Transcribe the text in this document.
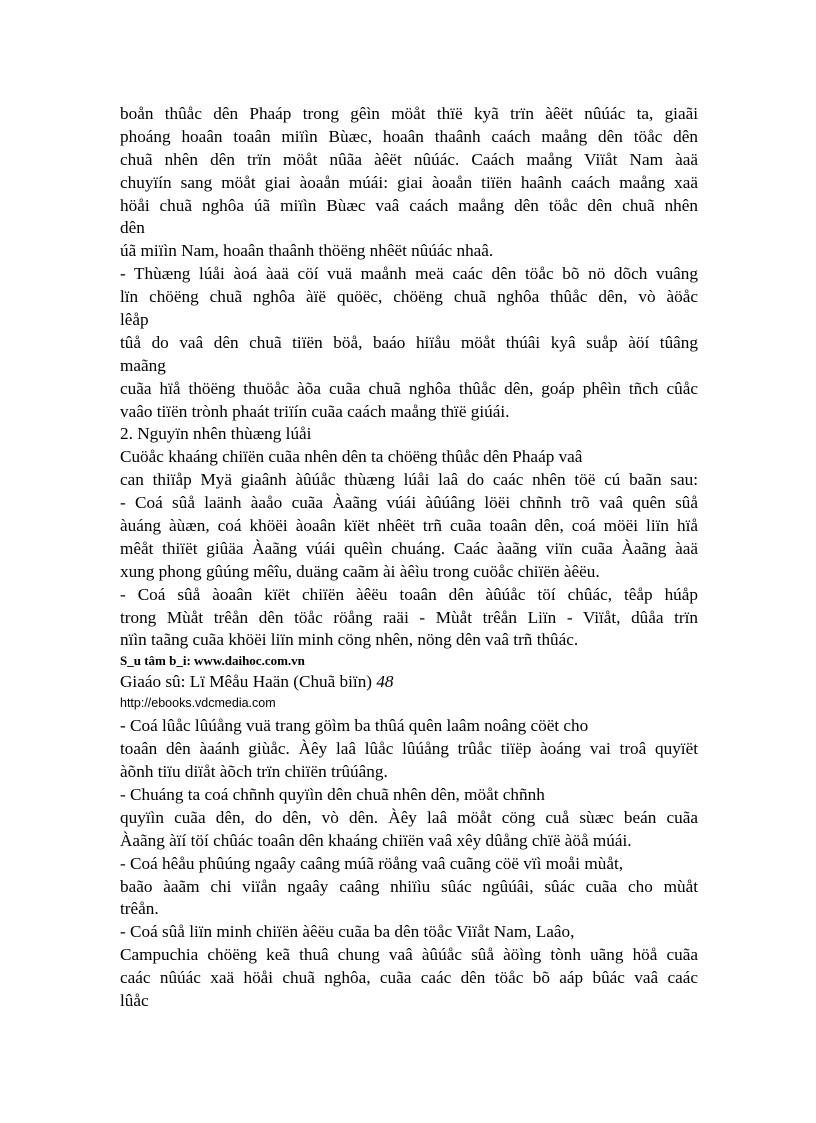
boån thûåc dên Phaáp trong gêìn möåt thïë kyã trïn àêët nûúác ta, giaãi
phoáng hoaân toaân miïìn Bùæc, hoaân thaânh caách maång dên töåc dên
chuã nhên dên trïn möåt nûãa àêët nûúác. Caách maång Viïåt Nam àaä
chuyïín sang möåt giai àoaån múái: giai àoaån tiïën haânh caách maång xaä
höåi chuã nghôa úã miïìn Bùæc vaâ caách maång dên töåc dên chuã nhên
dên
úã miïìn Nam, hoaân thaânh thöëng nhêët nûúác nhaâ.
- Thùæng lúåi àoá àaä cöí vuä maånh meä caác dên töåc bõ nö dõch vuâng
lïn chöëng chuã nghôa àïë quöëc, chöëng chuã nghôa thûåc dên, vò àöåc
lêåp
tûå do vaâ dên chuã tiïën böå, baáo hiïåu möåt thúâi kyâ suåp àöí tûâng
maãng
cuãa hïå thöëng thuöåc àõa cuãa chuã nghôa thûåc dên, goáp phêìn tñch cûåc
vaâo tiïën trònh phaát triïín cuãa caách maång thïë giúái.
2. Nguyïn nhên thùæng lúåi
Cuöåc khaáng chiïën cuãa nhên dên ta chöëng thûåc dên Phaáp vaâ
can thiïåp Myä giaânh àûúåc thùæng lúåi laâ do caác nhên töë cú baãn sau:
- Coá sûå laänh àaåo cuãa Àaãng vúái àûúâng löëi chñnh trõ vaâ quên sûå
àuáng àùæn, coá khöëi àoaân kïët nhêët trñ cuãa toaân dên, coá möëi liïn hïå
mêåt thiïët giûäa Àaãng vúái quêìn chuáng. Caác àaãng viïn cuãa Àaãng àaä
xung phong gûúng mêîu, duäng caãm ài àêìu trong cuöåc chiïën àêëu.
- Coá sûå àoaân kïët chiïën àêëu toaân dên àûúåc töí chûác, têåp húåp
trong Mùåt trêån dên töåc röång raäi - Mùåt trêån Liïn - Viïåt, dûåa trïn
nïìn taãng cuãa khöëi liïn minh cöng nhên, nöng dên vaâ trñ thûác.
S_u tâm b_i: www.daihoc.com.vn
Giaáo sû: Lï Mêåu Haän (Chuã biïn) 48
http://ebooks.vdcmedia.com
- Coá lûåc lûúång vuä trang göìm ba thûá quên laâm noâng cöët cho
toaân dên àaánh giùåc. Àêy laâ lûåc lûúång trûåc tiïëp àoáng vai troâ quyïët
àõnh tiïu diïåt àõch trïn chiïën trûúâng.
- Chuáng ta coá chñnh quyïìn dên chuã nhên dên, möåt chñnh
quyïìn cuãa dên, do dên, vò dên. Àêy laâ möåt cöng cuå sùæc beán cuãa
Àaãng àïí töí chûác toaân dên khaáng chiïën vaâ xêy dûång chïë àöå múái.
- Coá hêåu phûúng ngaây caâng múã röång vaâ cuãng cöë vïì moåi mùåt,
baão àaãm chi viïån ngaây caâng nhiïìu sûác ngûúâi, sûác cuãa cho mùåt
trêån.
- Coá sûå liïn minh chiïën àêëu cuãa ba dên töåc Viïåt Nam, Laâo,
Campuchia chöëng keã thuâ chung vaâ àûúåc sûå àöìng tònh uãng höå cuãa
caác nûúác xaä höåi chuã nghôa, cuãa caác dên töåc bõ aáp bûác vaâ caác
lûåc
